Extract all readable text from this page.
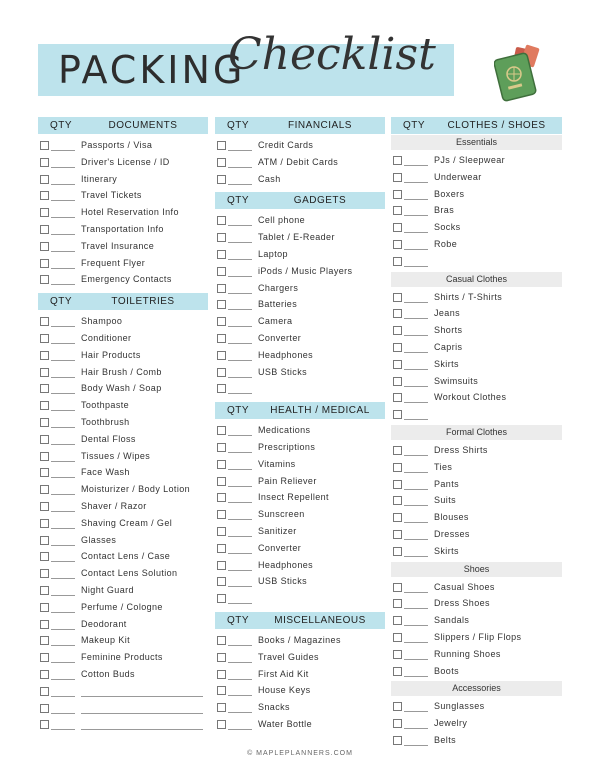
PACKING
Checklist
QTY	DOCUMENTS
Passports / Visa
Driver's License / ID
Itinerary
Travel Tickets
Hotel Reservation Info
Transportation Info
Travel Insurance
Frequent Flyer
Emergency Contacts
QTY	TOILETRIES
Shampoo
Conditioner
Hair Products
Hair Brush / Comb
Body Wash / Soap
Toothpaste
Toothbrush
Dental Floss
Tissues / Wipes
Face Wash
Moisturizer / Body Lotion
Shaver / Razor
Shaving Cream / Gel
Glasses
Contact Lens / Case
Contact Lens Solution
Night Guard
Perfume / Cologne
Deodorant
Makeup Kit
Feminine Products
Cotton Buds
QTY	FINANCIALS
Credit Cards
ATM / Debit Cards
Cash
QTY	GADGETS
Cell phone
Tablet / E-Reader
Laptop
iPods / Music Players
Chargers
Batteries
Camera
Converter
Headphones
USB Sticks
QTY	HEALTH / MEDICAL
Medications
Prescriptions
Vitamins
Pain Reliever
Insect Repellent
Sunscreen
Sanitizer
Converter
Headphones
USB Sticks
QTY	MISCELLANEOUS
Books / Magazines
Travel Guides
First Aid Kit
House Keys
Snacks
Water Bottle
QTY	CLOTHES / SHOES
Essentials
PJs / Sleepwear
Underwear
Boxers
Bras
Socks
Robe
Casual Clothes
Shirts / T-Shirts
Jeans
Shorts
Capris
Skirts
Swimsuits
Workout Clothes
Formal Clothes
Dress Shirts
Ties
Pants
Suits
Blouses
Dresses
Skirts
Shoes
Casual Shoes
Dress Shoes
Sandals
Slippers / Flip Flops
Running Shoes
Boots
Accessories
Sunglasses
Jewelry
Belts
© MAPLEPLANNERS.COM
